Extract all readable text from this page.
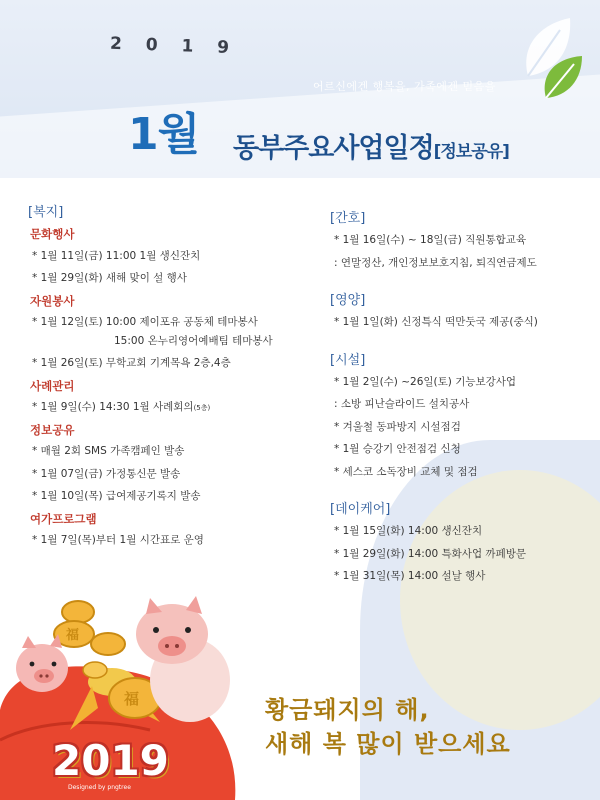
2 0 1 9
어르신에겐 행복을, 가족에겐 믿음을
1월 동부주요사업일정[정보공유]
[복지]
문화행사
* 1월 11일(금) 11:00 1월 생신잔치
* 1월 29일(화) 새해 맞이 설 행사
자원봉사
* 1월 12일(토) 10:00 제이포유 공동체 테마봉사
15:00 온누리영어예배팀 테마봉사
* 1월 26일(토) 무학교회 기계목욕 2층,4층
사례관리
* 1월 9일(수) 14:30 1월 사례회의(5층)
정보공유
* 매월 2회 SMS 가족캠페인 발송
* 1월 07일(금) 가정통신문 발송
* 1월 10일(목) 급여제공기록지 발송
여가프로그램
* 1월 7일(목)부터 1월 시간표로 운영
[간호]
* 1월 16일(수) ~ 18일(금) 직원통합교육
: 연말정산, 개인정보보호지침, 퇴직연금제도
[영양]
* 1월 1일(화) 신정특식 떡만둣국 제공(중식)
[시설]
* 1월 2일(수) ~26일(토) 기능보강사업
: 소방 피난슬라이드 설치공사
* 겨울철 동파방지 시설점검
* 1월 승강기 안전점검 신청
* 세스코 소독장비 교체 및 점검
[데이케어]
* 1월 15일(화) 14:00 생신잔치
* 1월 29일(화) 14:00 특화사업 까페방문
* 1월 31일(목) 14:00 설날 행사
福
福
2019
Designed by pngtree
황금돼지의 해,
새해 복 많이 받으세요
